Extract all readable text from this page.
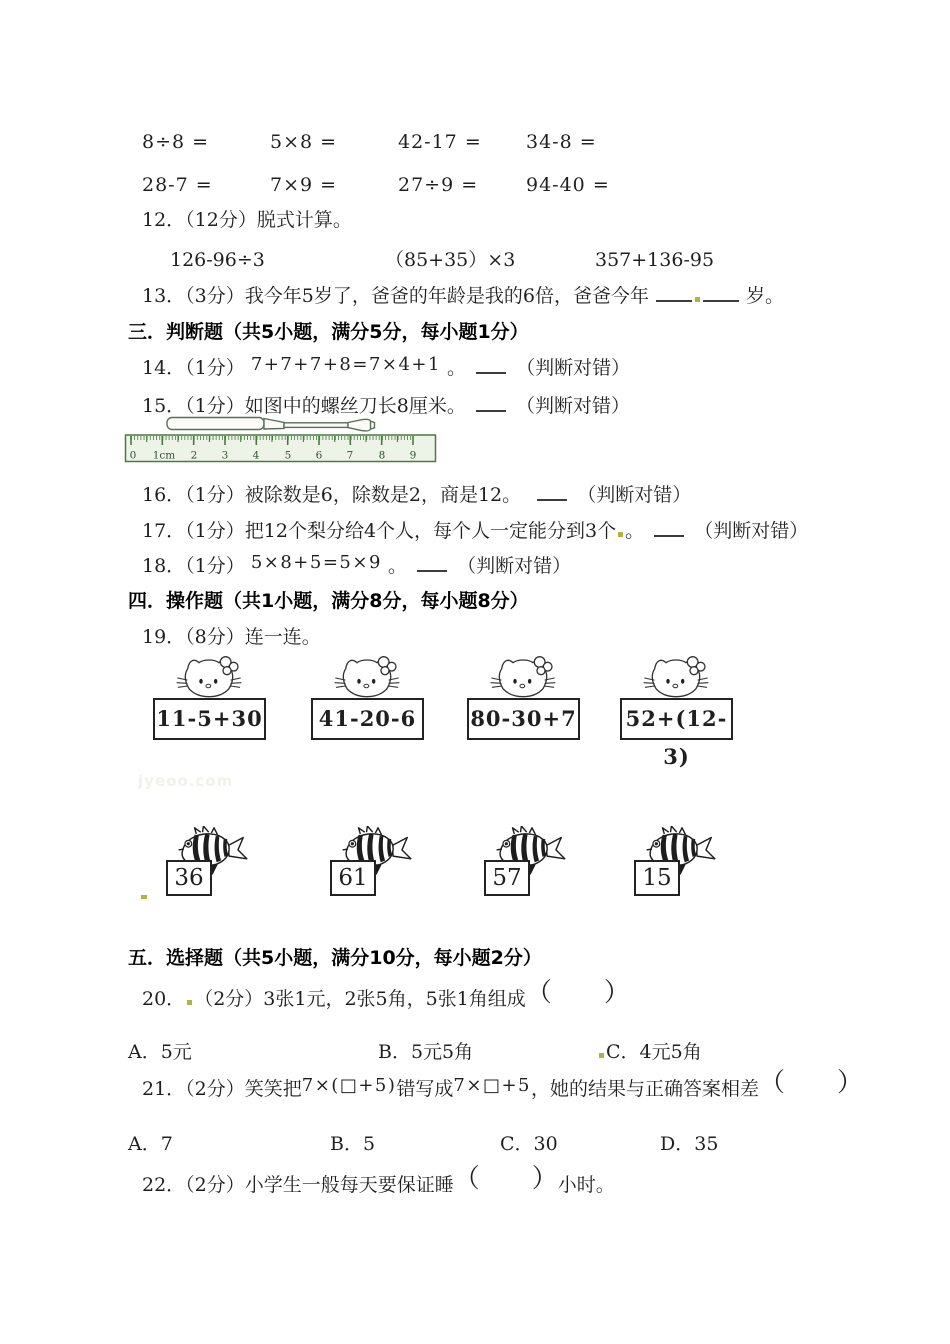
8÷8 =	5×8 =	42-17 = 34-8 =
28-7 =	7×9 =	27÷9 =	94-40 =
12．（12分）脱式计算。
126-96÷3	（85+35）×3	357+136-95
13．（3分）我今年5岁了，爸爸的年龄是我的6倍，爸爸今年	岁。
三．判断题（共5小题，满分5分，每小题1分）
14．（1分） 7+7+7+8=7×4+1 。	（判断对错）
15．（1分）如图中的螺丝刀长8厘米。	（判断对错）
0 1cm 2 3 4 5 6 7 8 9
16．（1分）被除数是6，除数是2，商是12。	（判断对错）
17．（1分）把12个梨分给4个人，每个人一定能分到3个 。	（判断对错）
18．（1分） 5×8+5=5×9 。	（判断对错）
四．操作题（共1小题，满分8分，每小题8分）
19．（8分）连一连。
11-5+30	41-20-6	80-30+7 52+(12-3)
jyeoo.com
36	61	57	15
五．选择题（共5小题，满分10分，每小题2分）
20． （2分）3张1元，2张5角，5张1角组成（　　）
A．5元	B．5元5角	C．4元5角
21．（2分）笑笑把7×(□+5)错写成7×□+5，她的结果与正确答案相差（　　）
A．7	B．5	C．30	D．35
22．（2分）小学生一般每天要保证睡（　　）小时。
